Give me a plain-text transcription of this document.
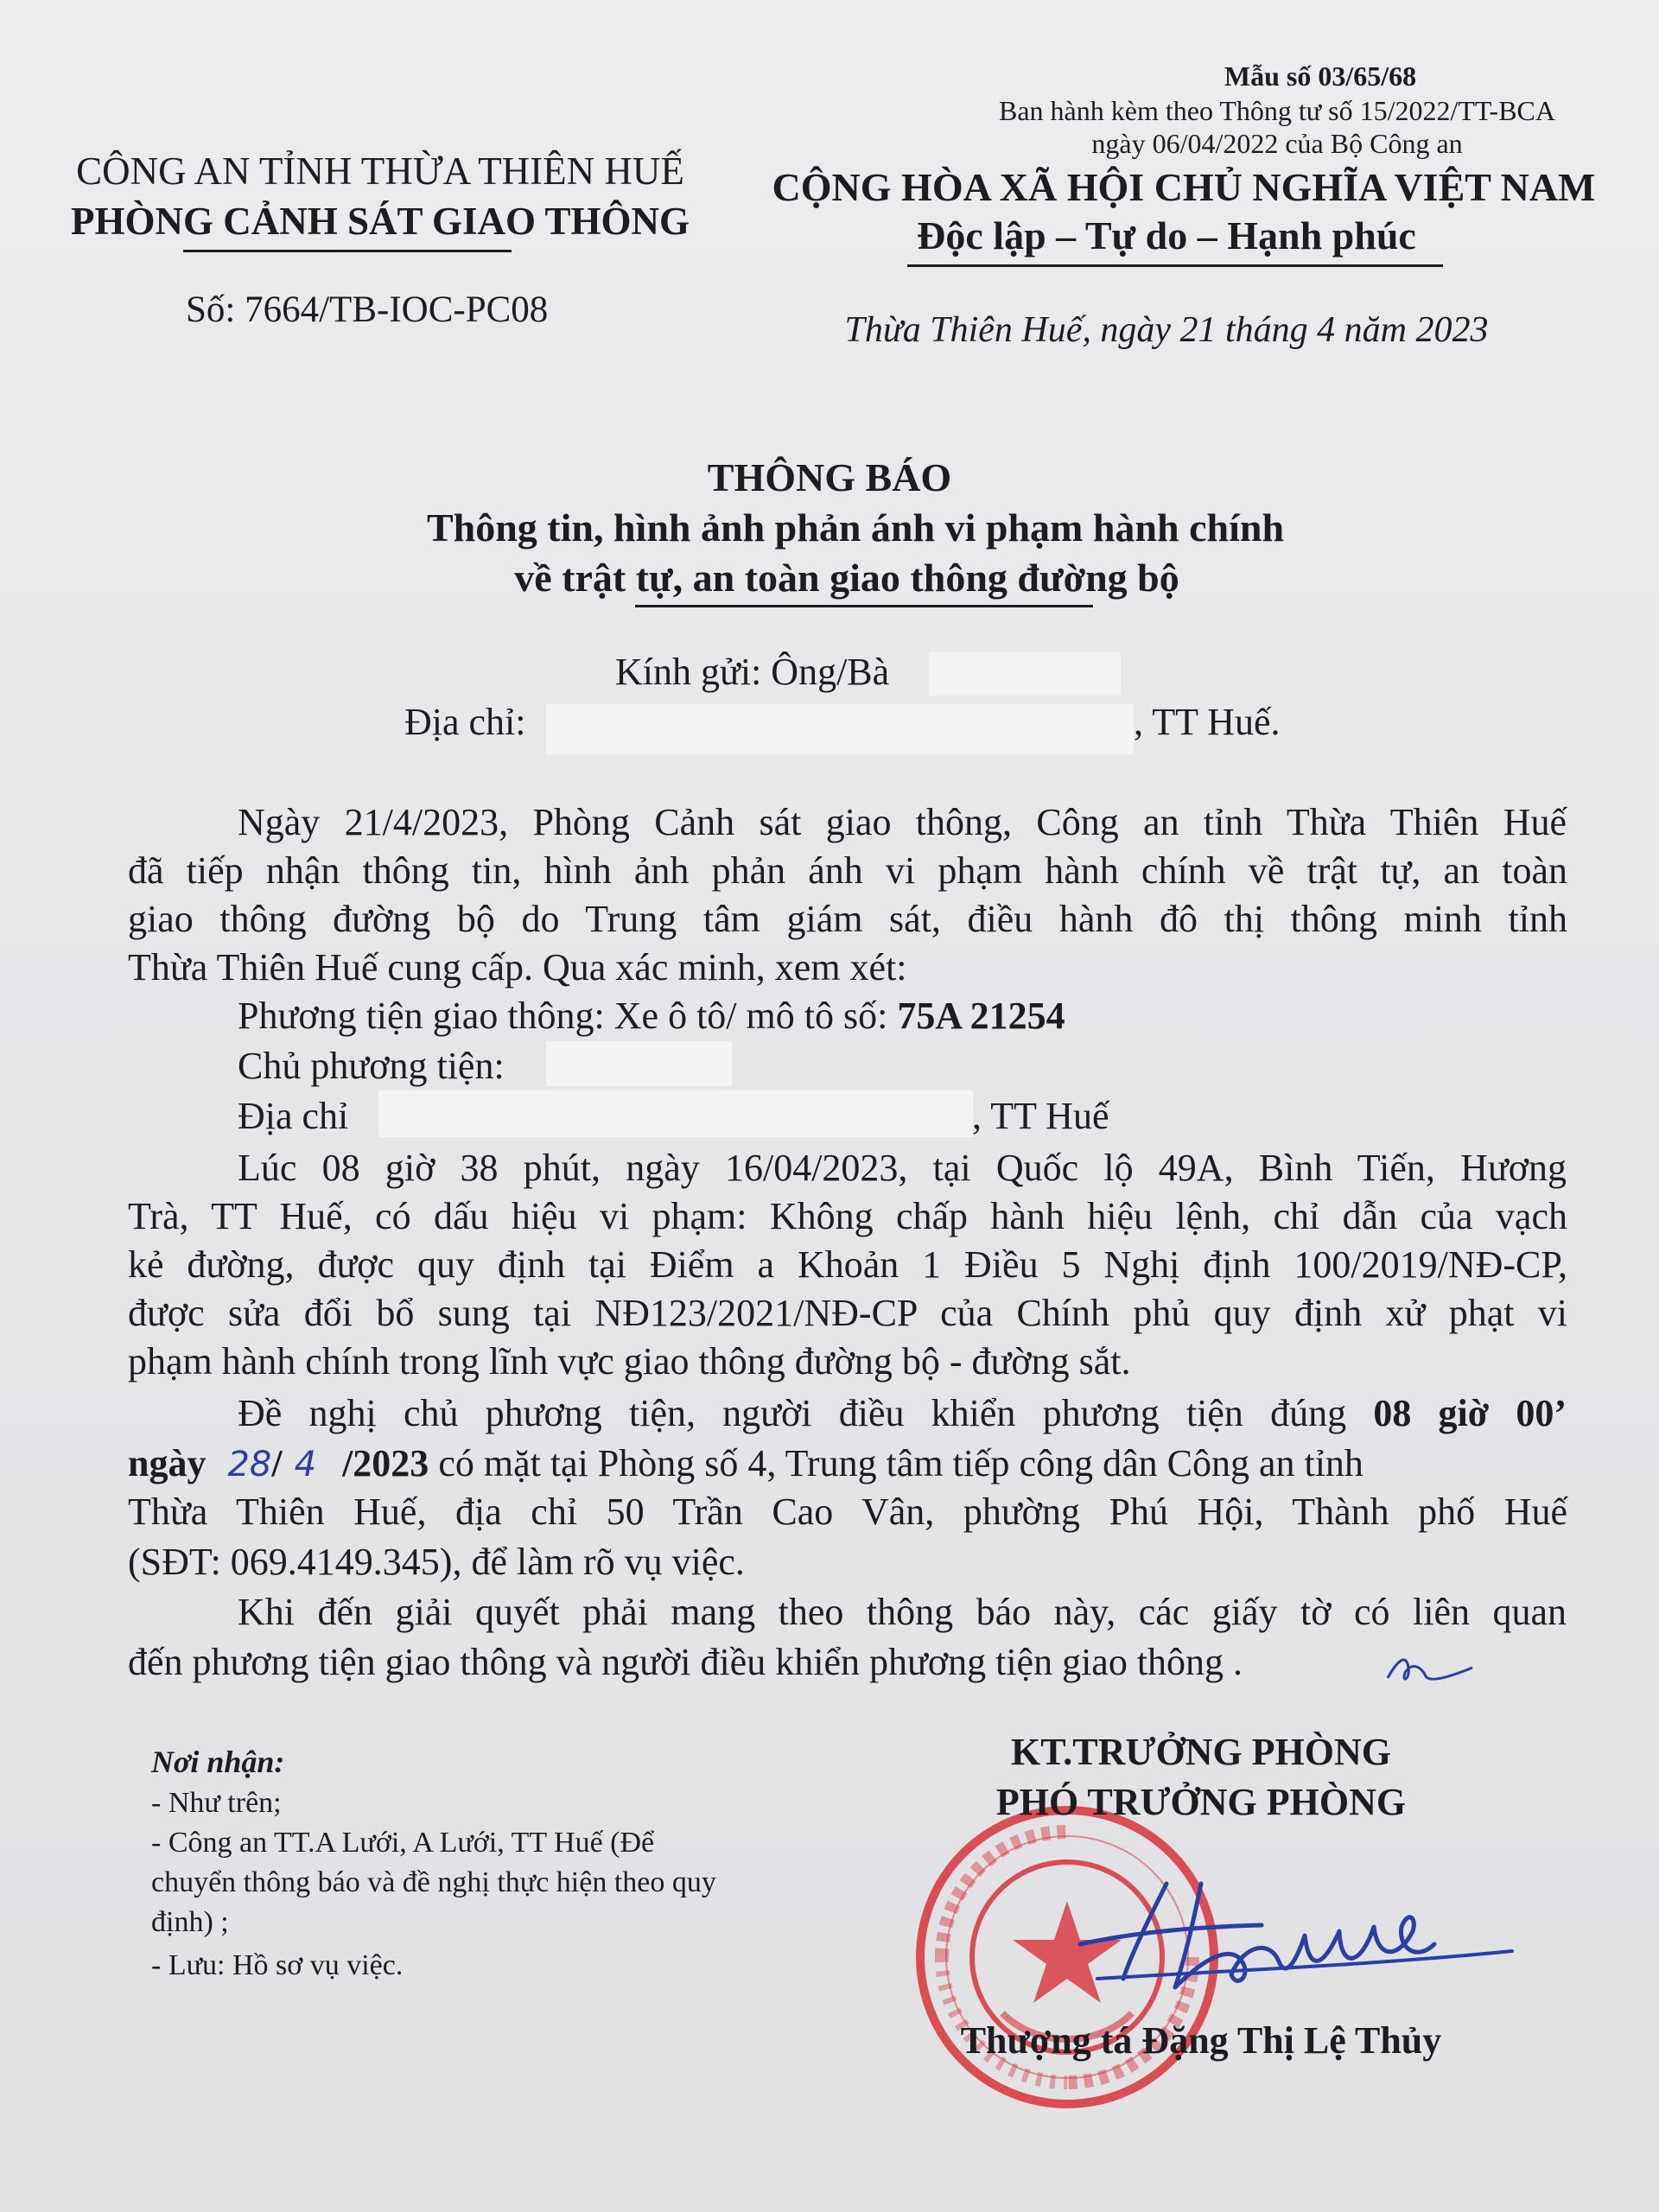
Mẫu số 03/65/68
Ban hành kèm theo Thông tư số 15/2022/TT-BCA
ngày 06/04/2022 của Bộ Công an
CÔNG AN TỈNH THỪA THIÊN HUẾ
PHÒNG CẢNH SÁT GIAO THÔNG
Số: 7664/TB-IOC-PC08
CỘNG HÒA XÃ HỘI CHỦ NGHĨA VIỆT NAM
Độc lập – Tự do – Hạnh phúc
Thừa Thiên Huế, ngày 21 tháng 4 năm 2023
THÔNG BÁO
Thông tin, hình ảnh phản ánh vi phạm hành chính
về trật tự, an toàn giao thông đường bộ
Kính gửi: Ông/Bà
Địa chỉ:	, TT Huế.
Ngày 21/4/2023, Phòng Cảnh sát giao thông, Công an tỉnh Thừa Thiên Huế
đã tiếp nhận thông tin, hình ảnh phản ánh vi phạm hành chính về trật tự, an toàn
giao thông đường bộ do Trung tâm giám sát, điều hành đô thị thông minh tỉnh
Thừa Thiên Huế cung cấp. Qua xác minh, xem xét:
Phương tiện giao thông: Xe ô tô/ mô tô số: 75A 21254
Chủ phương tiện:
Địa chỉ	, TT Huế
Lúc 08 giờ 38 phút, ngày 16/04/2023, tại Quốc lộ 49A, Bình Tiến, Hương
Trà, TT Huế, có dấu hiệu vi phạm: Không chấp hành hiệu lệnh, chỉ dẫn của vạch
kẻ đường, được quy định tại Điểm a Khoản 1 Điều 5 Nghị định 100/2019/NĐ-CP,
được sửa đổi bổ sung tại NĐ123/2021/NĐ-CP của Chính phủ quy định xử phạt vi
phạm hành chính trong lĩnh vực giao thông đường bộ - đường sắt.
Đề nghị chủ phương tiện, người điều khiển phương tiện đúng 08 giờ 00’
ngày 28/ 4 /2023 có mặt tại Phòng số 4, Trung tâm tiếp công dân Công an tỉnh
Thừa Thiên Huế, địa chỉ 50 Trần Cao Vân, phường Phú Hội, Thành phố Huế
(SĐT: 069.4149.345), để làm rõ vụ việc.
Khi đến giải quyết phải mang theo thông báo này, các giấy tờ có liên quan
đến phương tiện giao thông và người điều khiển phương tiện giao thông .
Nơi nhận:
- Như trên;
- Công an TT.A Lưới, A Lưới, TT Huế (Để
chuyển thông báo và đề nghị thực hiện theo quy
định) ;
- Lưu: Hồ sơ vụ việc.
KT.TRƯỞNG PHÒNG
PHÓ TRƯỞNG PHÒNG
Thượng tá Đặng Thị Lệ Thủy
